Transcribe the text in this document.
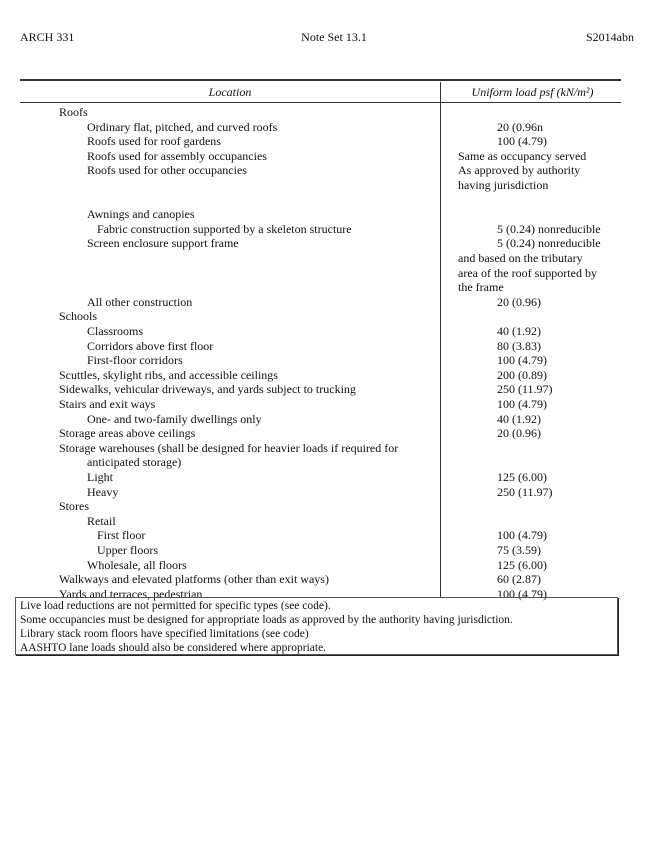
ARCH 331	Note Set 13.1	S2014abn
Location	Uniform load psf (kN/m²)
Roofs
Ordinary flat, pitched, and curved roofs	20 (0.96n
Roofs used for roof gardens	100 (4.79)
Roofs used for assembly occupancies	Same as occupancy served
Roofs used for other occupancies	As approved by authority
having jurisdiction
Awnings and canopies
Fabric construction supported by a skeleton structure	5 (0.24) nonreducible
Screen enclosure support frame	5 (0.24) nonreducible
and based on the tributary
area of the roof supported by
the frame
All other construction	20 (0.96)
Schools
Classrooms	40 (1.92)
Corridors above first floor	80 (3.83)
First-floor corridors	100 (4.79)
Scuttles, skylight ribs, and accessible ceilings	200 (0.89)
Sidewalks, vehicular driveways, and yards subject to trucking	250 (11.97)
Stairs and exit ways	100 (4.79)
One- and two-family dwellings only	40 (1.92)
Storage areas above ceilings	20 (0.96)
Storage warehouses (shall be designed for heavier loads if required for
anticipated storage)
Light	125 (6.00)
Heavy	250 (11.97)
Stores
Retail
First floor	100 (4.79)
Upper floors	75 (3.59)
Wholesale, all floors	125 (6.00)
Walkways and elevated platforms (other than exit ways)	60 (2.87)
Yards and terraces, pedestrian	100 (4.79)
Live load reductions are not permitted for specific types (see code).
Some occupancies must be designed for appropriate loads as approved by the authority having jurisdiction.
Library stack room floors have specified limitations (see code)
AASHTO lane loads should also be considered where appropriate.
